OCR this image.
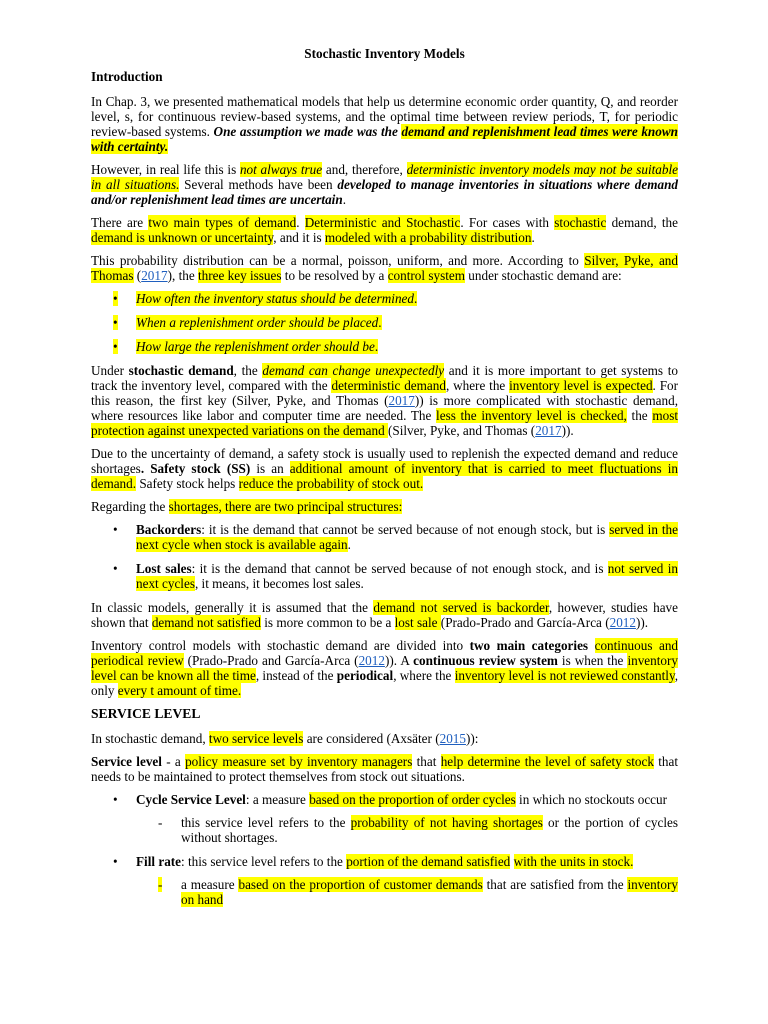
Stochastic Inventory Models
Introduction

In Chap. 3, we presented mathematical models that help us determine economic order quantity, Q, and reorder level, s, for continuous review-based systems, and the optimal time between review periods, T, for periodic review-based systems. One assumption we made was the demand and replenishment lead times were known with certainty.

However, in real life this is not always true and, therefore, deterministic inventory models may not be suitable in all situations. Several methods have been developed to manage inventories in situations where demand and/or replenishment lead times are uncertain.

There are two main types of demand. Deterministic and Stochastic. For cases with stochastic demand, the demand is unknown or uncertainty, and it is modeled with a probability distribution.

This probability distribution can be a normal, poisson, uniform, and more. According to Silver, Pyke, and Thomas (2017), the three key issues to be resolved by a control system under stochastic demand are:

• How often the inventory status should be determined.
• When a replenishment order should be placed.
• How large the replenishment order should be.

Under stochastic demand, the demand can change unexpectedly and it is more important to get systems to track the inventory level, compared with the deterministic demand, where the inventory level is expected. For this reason, the first key (Silver, Pyke, and Thomas (2017)) is more complicated with stochastic demand, where resources like labor and computer time are needed. The less the inventory level is checked, the most protection against unexpected variations on the demand (Silver, Pyke, and Thomas (2017)).

Due to the uncertainty of demand, a safety stock is usually used to replenish the expected demand and reduce shortages. Safety stock (SS) is an additional amount of inventory that is carried to meet fluctuations in demand. Safety stock helps reduce the probability of stock out.

Regarding the shortages, there are two principal structures:

• Backorders: it is the demand that cannot be served because of not enough stock, but is served in the next cycle when stock is available again.
• Lost sales: it is the demand that cannot be served because of not enough stock, and is not served in next cycles, it means, it becomes lost sales.

In classic models, generally it is assumed that the demand not served is backorder, however, studies have shown that demand not satisfied is more common to be a lost sale (Prado-Prado and García-Arca (2012)).

Inventory control models with stochastic demand are divided into two main categories continuous and periodical review (Prado-Prado and García-Arca (2012)). A continuous review system is when the inventory level can be known all the time, instead of the periodical, where the inventory level is not reviewed constantly, only every t amount of time.

SERVICE LEVEL

In stochastic demand, two service levels are considered (Axsäter (2015)):

Service level - a policy measure set by inventory managers that help determine the level of safety stock that needs to be maintained to protect themselves from stock out situations.

• Cycle Service Level: a measure based on the proportion of order cycles in which no stockouts occur
- this service level refers to the probability of not having shortages or the portion of cycles without shortages.
• Fill rate: this service level refers to the portion of the demand satisfied with the units in stock.
- a measure based on the proportion of customer demands that are satisfied from the inventory on hand
